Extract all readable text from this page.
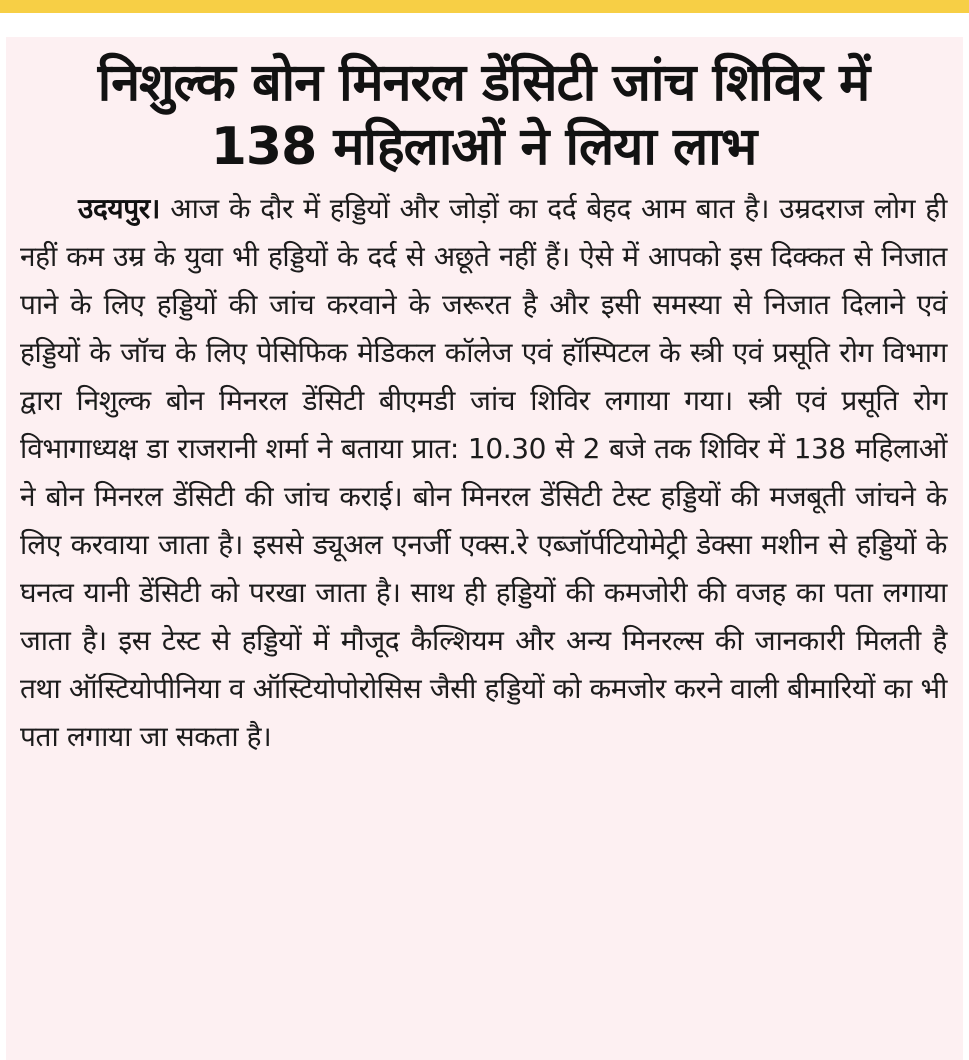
निशुल्क बोन मिनरल डेंसिटी जांच शिविर में
138 महिलाओं ने लिया लाभ

उदयपुर। आज के दौर में हड्डियों और जोड़ों का दर्द बेहद आम बात है। उम्रदराज लोग ही नहीं कम उम्र के युवा भी हड्डियों के दर्द से अछूते नहीं हैं। ऐसे में आपको इस दिक्कत से निजात पाने के लिए हड्डियों की जांच करवाने के जरूरत है और इसी समस्या से निजात दिलाने एवं हड्डियों के जॉच के लिए पेसिफिक मेडिकल कॉलेज एवं हॉस्पिटल के स्त्री एवं प्रसूति रोग विभाग द्वारा निशुल्क बोन मिनरल डेंसिटी बीएमडी जांच शिविर लगाया गया। स्त्री एवं प्रसूति रोग विभागाध्यक्ष डा राजरानी शर्मा ने बताया प्रात: 10.30 से 2 बजे तक शिविर में 138 महिलाओं ने बोन मिनरल डेंसिटी की जांच कराई। बोन मिनरल डेंसिटी टेस्ट हड्डियों की मजबूती जांचने के लिए करवाया जाता है। इससे ड्यूअल एनर्जी एक्स.रे एब्जॉर्पटियोमेट्री डेक्सा मशीन से हड्डियों के घनत्व यानी डेंसिटी को परखा जाता है। साथ ही हड्डियों की कमजोरी की वजह का पता लगाया जाता है। इस टेस्ट से हड्डियों में मौजूद कैल्शियम और अन्य मिनरल्स की जानकारी मिलती है तथा ऑस्टियोपीनिया व ऑस्टियोपोरोसिस जैसी हड्डियों को कमजोर करने वाली बीमारियों का भी पता लगाया जा सकता है।
